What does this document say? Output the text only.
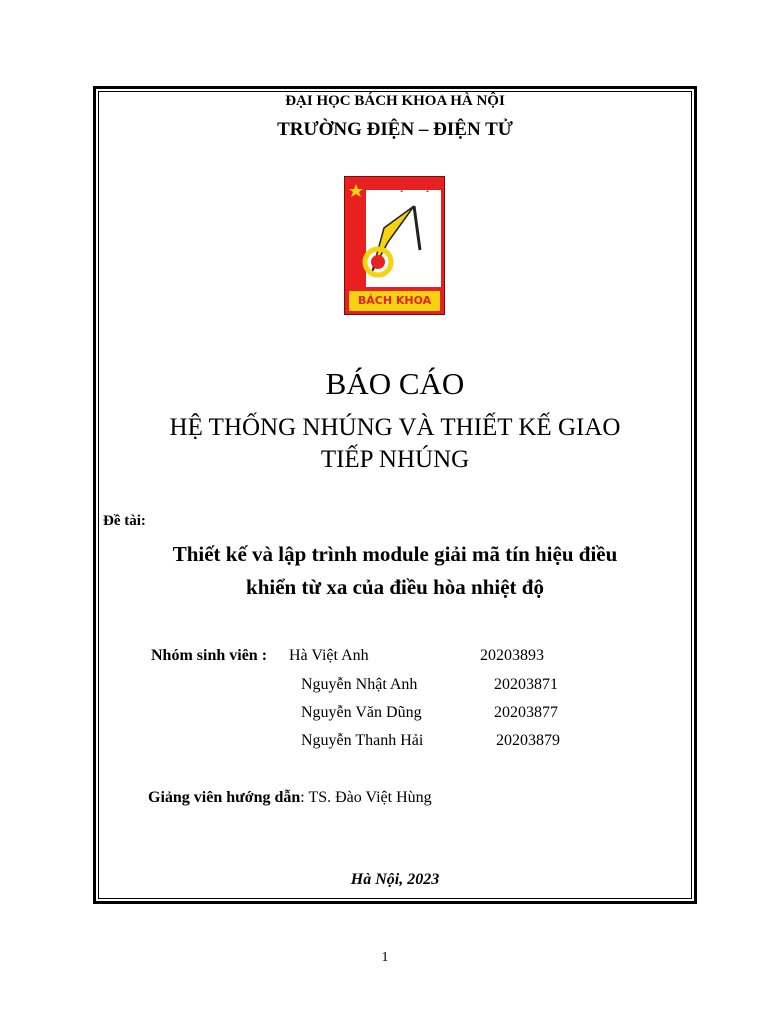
ĐẠI HỌC BÁCH KHOA HÀ NỘI
TRƯỜNG ĐIỆN – ĐIỆN TỬ
ĐẠI HỌC
BÁCH KHOA
BÁO CÁO
HỆ THỐNG NHÚNG VÀ THIẾT KẾ GIAO
TIẾP NHÚNG
Đề tài:
Thiết kế và lập trình module giải mã tín hiệu điều
khiển từ xa của điều hòa nhiệt độ
Nhóm sinh viên : Hà Việt Anh	20203893
Nguyễn Nhật Anh	20203871
Nguyễn Văn Dũng	20203877
Nguyễn Thanh Hải	20203879
Giảng viên hướng dẫn: TS. Đào Việt Hùng
Hà Nội, 2023
1
